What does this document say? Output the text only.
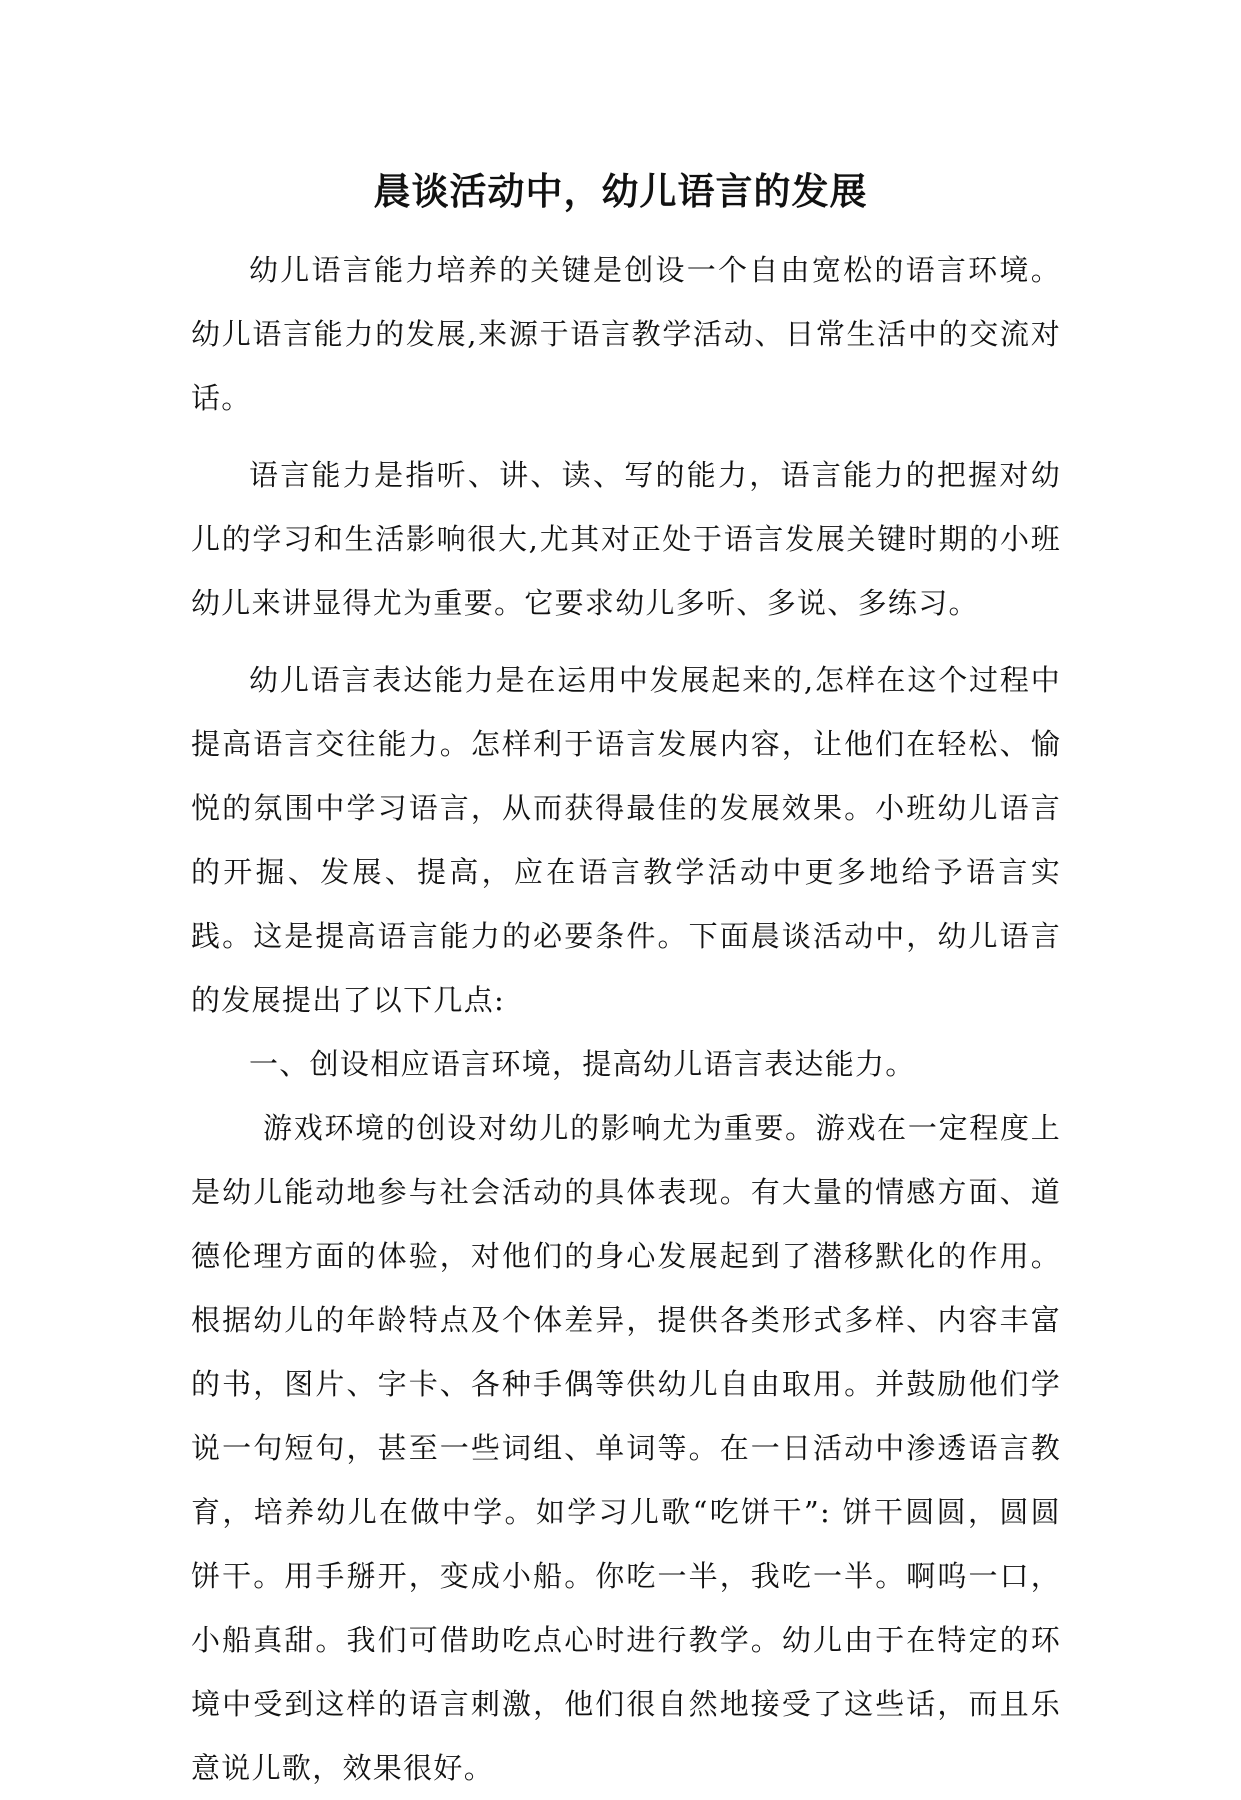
晨谈活动中，幼儿语言的发展

幼儿语言能力培养的关键是创设一个自由宽松的语言环境。幼儿语言能力的发展,来源于语言教学活动、日常生活中的交流对话。

语言能力是指听、讲、读、写的能力，语言能力的把握对幼儿的学习和生活影响很大,尤其对正处于语言发展关键时期的小班幼儿来讲显得尤为重要。它要求幼儿多听、多说、多练习。

幼儿语言表达能力是在运用中发展起来的,怎样在这个过程中提高语言交往能力。怎样利于语言发展内容，让他们在轻松、愉悦的氛围中学习语言，从而获得最佳的发展效果。小班幼儿语言的开掘、发展、提高，应在语言教学活动中更多地给予语言实践。这是提高语言能力的必要条件。下面晨谈活动中，幼儿语言的发展提出了以下几点:

一、创设相应语言环境，提高幼儿语言表达能力。

游戏环境的创设对幼儿的影响尤为重要。游戏在一定程度上是幼儿能动地参与社会活动的具体表现。有大量的情感方面、道德伦理方面的体验，对他们的身心发展起到了潜移默化的作用。根据幼儿的年龄特点及个体差异，提供各类形式多样、内容丰富的书，图片、字卡、各种手偶等供幼儿自由取用。并鼓励他们学说一句短句，甚至一些词组、单词等。在一日活动中渗透语言教育，培养幼儿在做中学。如学习儿歌“吃饼干”: 饼干圆圆，圆圆饼干。用手掰开，变成小船。你吃一半，我吃一半。啊呜一口，小船真甜。我们可借助吃点心时进行教学。幼儿由于在特定的环境中受到这样的语言刺激，他们很自然地接受了这些话，而且乐意说儿歌，效果很好。
